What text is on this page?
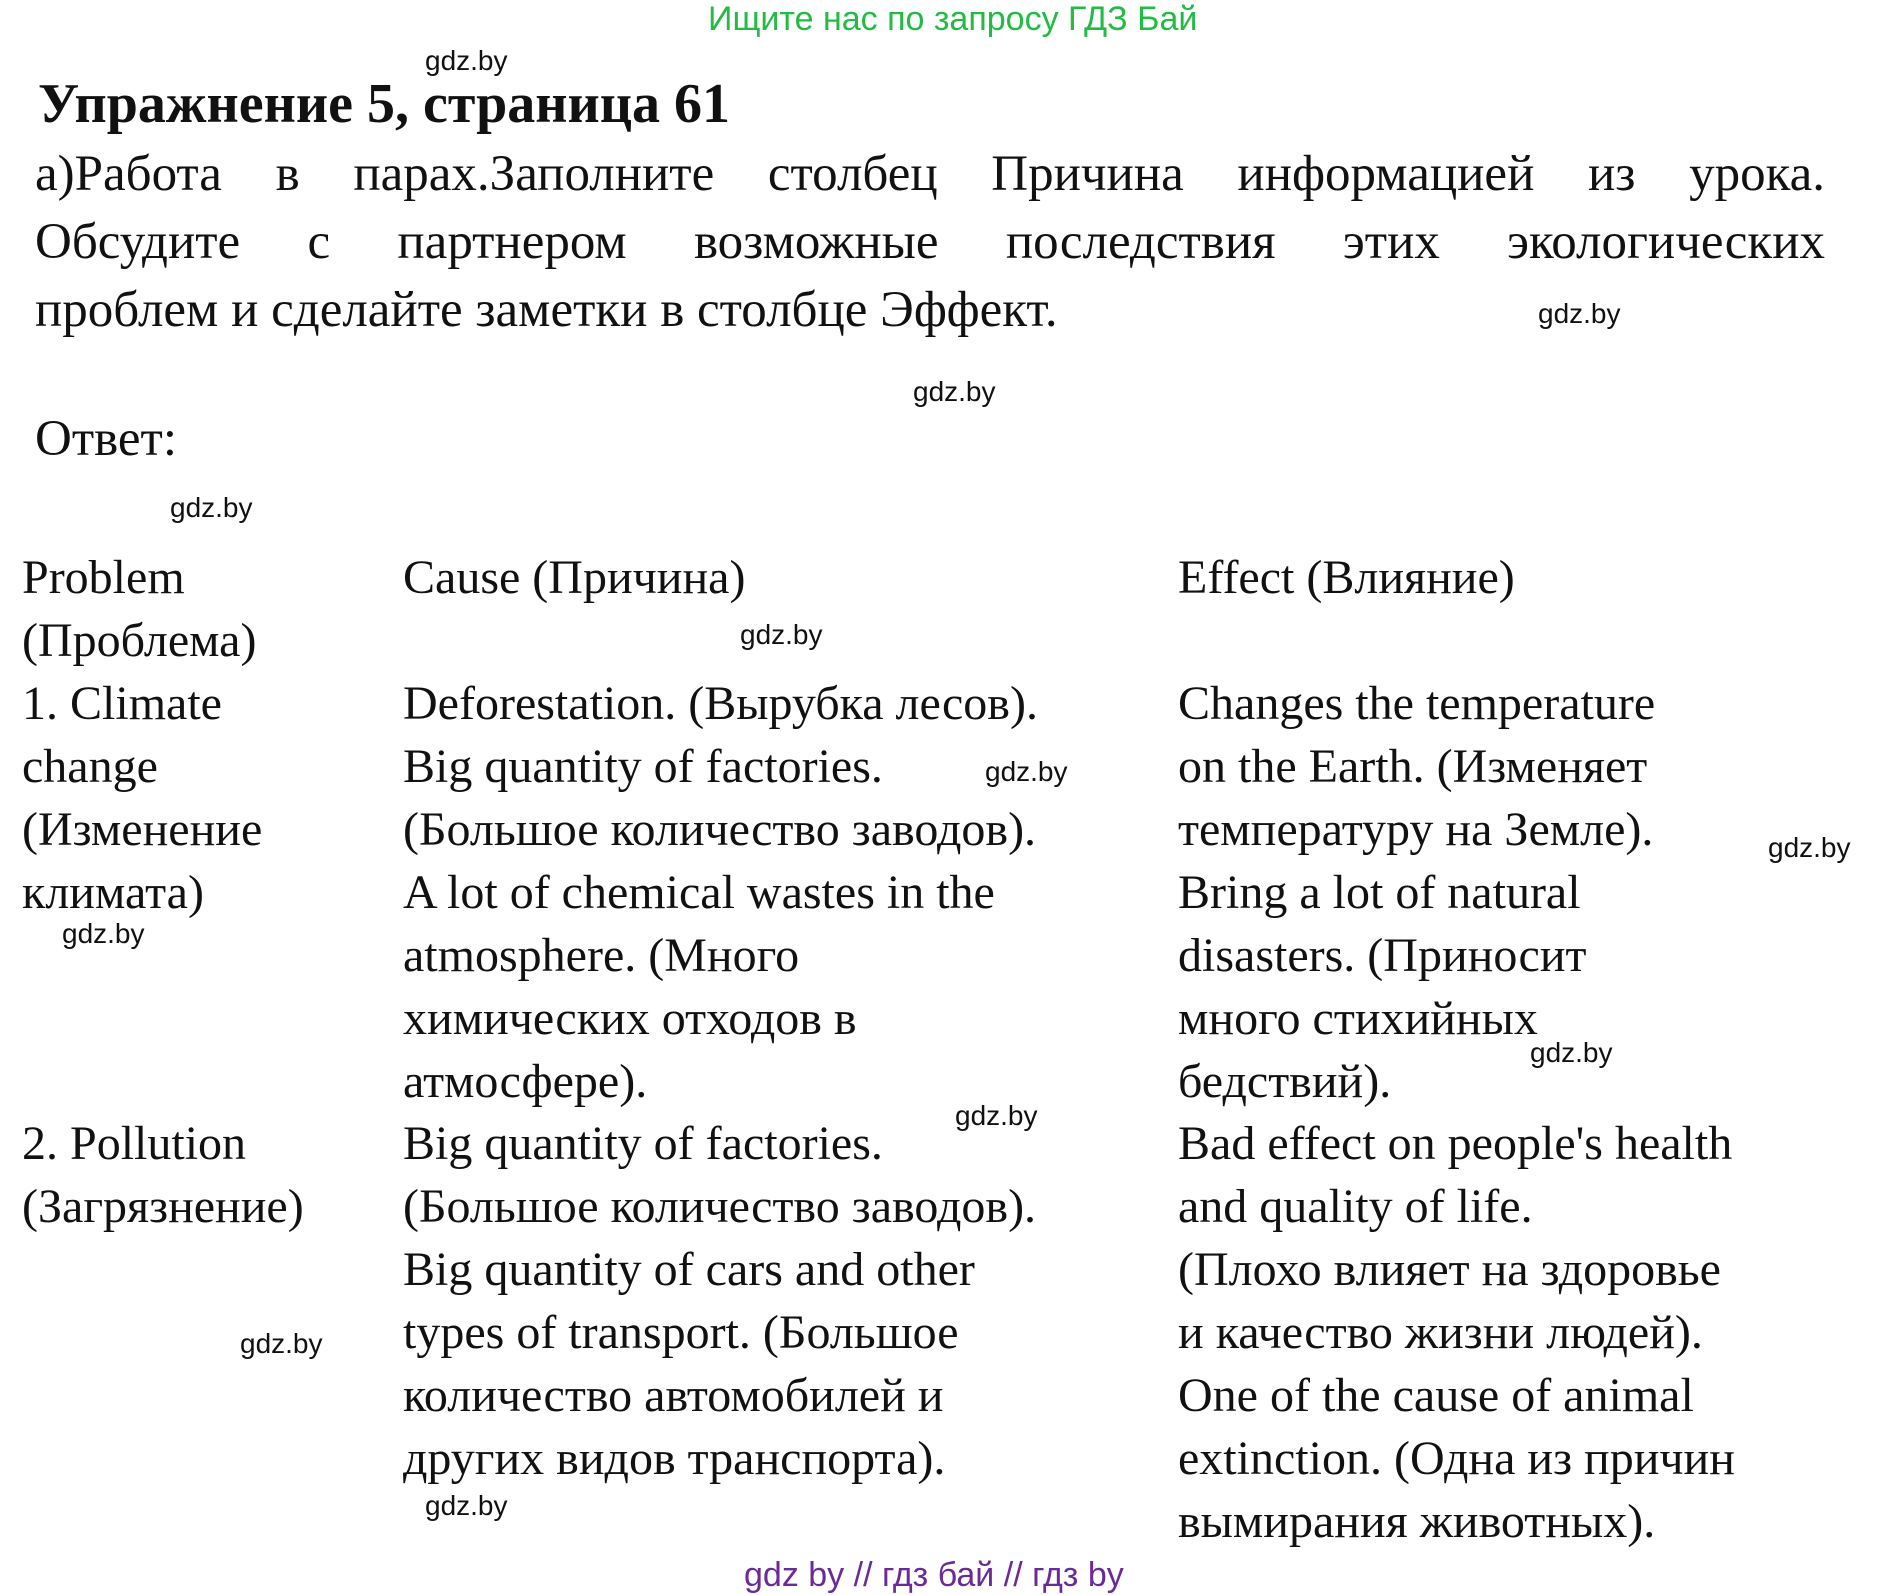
Ищите нас по запросу ГДЗ Бай
Упражнение 5, страница 61
a)Работа в парах.Заполните столбец Причина информацией из урока.
Обсудите с партнером возможные последствия этих экологических
проблем и сделайте заметки в столбце Эффект.
Ответ:
Problem
(Проблема)
Cause (Причина)	Effect (Влияние)
1. Climate
change
(Изменение
климата)
Deforestation. (Вырубка лесов).
Big quantity of factories.
(Большое количество заводов).
A lot of chemical wastes in the
atmosphere. (Много
химических отходов в
атмосфере).
Changes the temperature
on the Earth. (Изменяет
температуру на Земле).
Bring a lot of natural
disasters. (Приносит
много стихийных
бедствий).
2. Pollution
(Загрязнение)
Big quantity of factories.
(Большое количество заводов).
Big quantity of cars and other
types of transport. (Большое
количество автомобилей и
других видов транспорта).
Bad effect on people's health
and quality of life.
(Плохо влияет на здоровье
и качество жизни людей).
One of the cause of animal
extinction. (Одна из причин
вымирания животных).
gdz.by
gdz.by
gdz.by
gdz.by
gdz.by
gdz.by
gdz.by
gdz.by
gdz.by
gdz.by
gdz.by
gdz.by
gdz by // гдз бай // гдз by
